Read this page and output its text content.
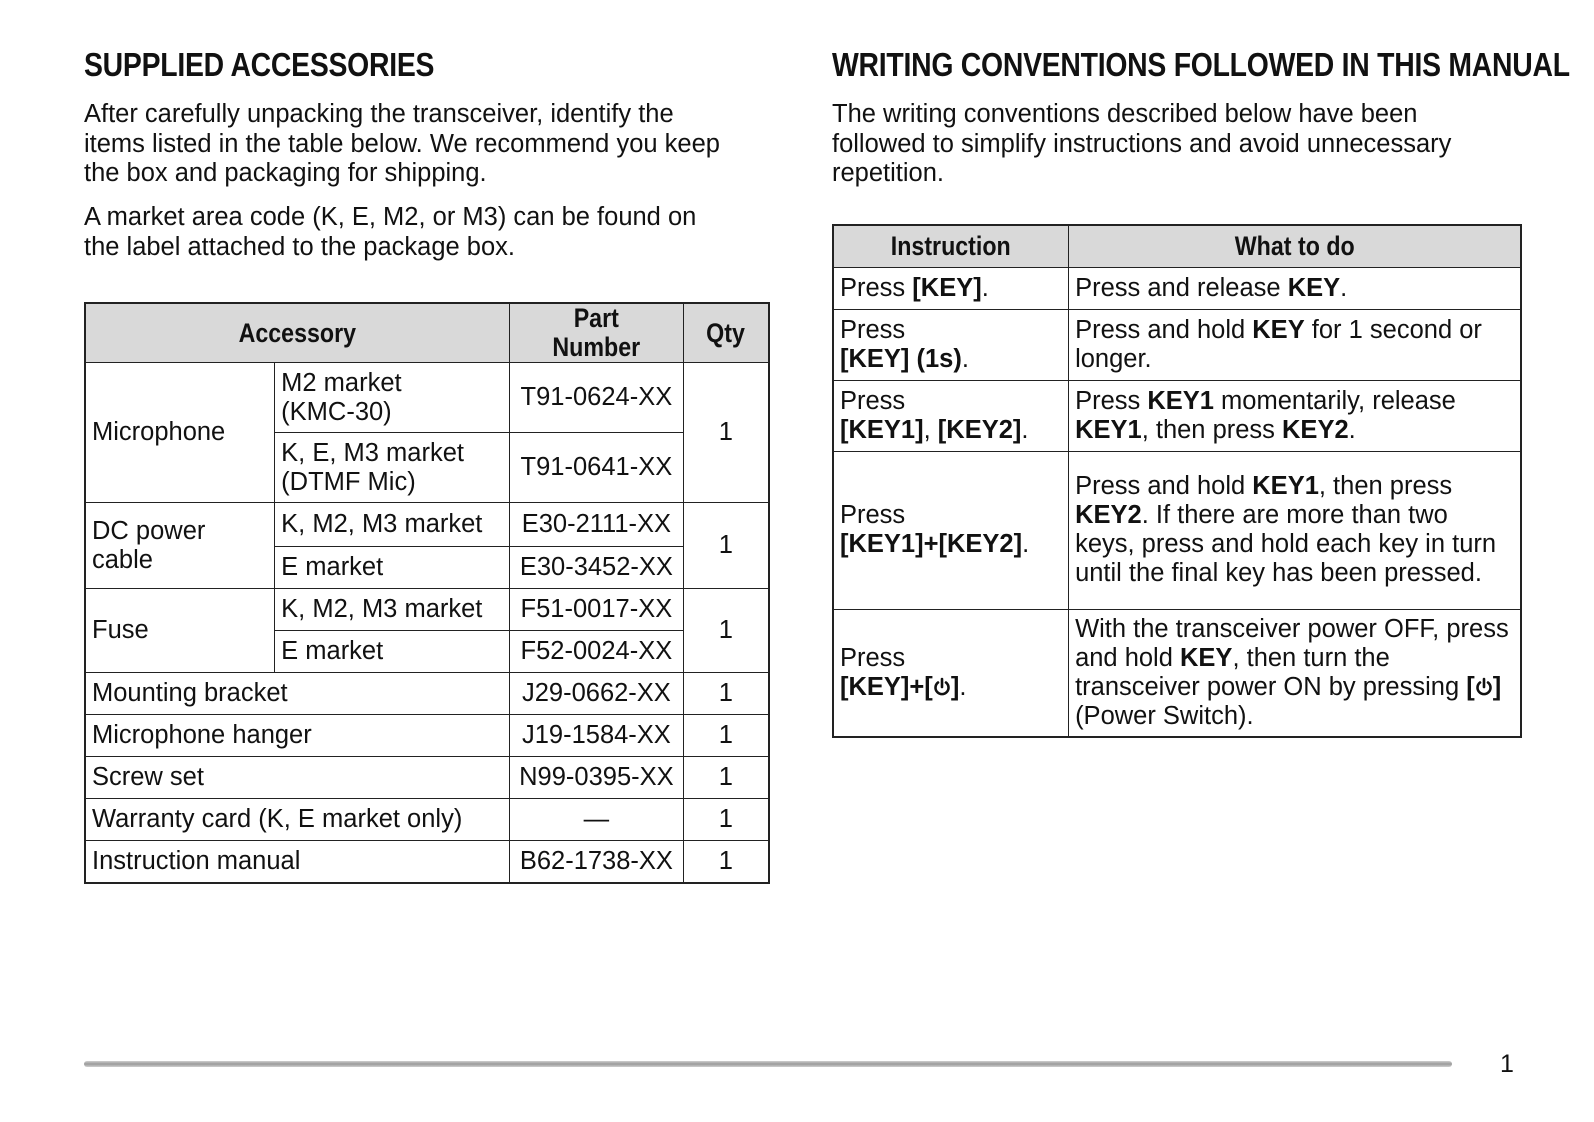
SUPPLIED ACCESSORIES

After carefully unpacking the transceiver, identify the
items listed in the table below. We recommend you keep
the box and packaging for shipping.

A market area code (K, E, M2, or M3) can be found on
the label attached to the package box.

Accessory		Part Number	Qty
Microphone	M2 market
(KMC-30)	T91-0624-XX	1
	K, E, M3 market
(DTMF Mic)	T91-0641-XX	
DC power
cable	K, M2, M3 market	E30-2111-XX	1
	E market	E30-3452-XX	
Fuse	K, M2, M3 market	F51-0017-XX	1
	E market	F52-0024-XX	
Mounting bracket		J29-0662-XX	1
Microphone hanger		J19-1584-XX	1
Screw set		N99-0395-XX	1
Warranty card (K, E market only)		—	1
Instruction manual		B62-1738-XX	1
WRITING CONVENTIONS FOLLOWED IN THIS MANUAL

The writing conventions described below have been
followed to simplify instructions and avoid unnecessary
repetition.

Instruction	What to do
Press [KEY].	Press and release KEY.
Press
[KEY] (1s).	Press and hold KEY for 1 second or longer.
Press
[KEY1], [KEY2].	Press KEY1 momentarily, release KEY1, then press KEY2.
Press
[KEY1]+[KEY2].	Press and hold KEY1, then press KEY2. If there are more than two keys, press and hold each key in turn until the final key has been pressed.
Press
[KEY]+[ ].	With the transceiver power OFF, press and hold KEY, then turn the transceiver power ON by pressing [ ] (Power Switch).
1
